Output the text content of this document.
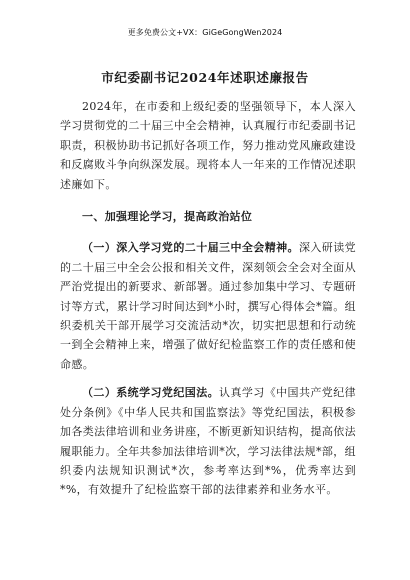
更多免费公文+VX：GiGeGongWen2024
市纪委副书记2024年述职述廉报告

2024年，在市委和上级纪委的坚强领导下，本人深入学习贯彻党的二十届三中全会精神，认真履行市纪委副书记职责，积极协助书记抓好各项工作，努力推动党风廉政建设和反腐败斗争向纵深发展。现将本人一年来的工作情况述职述廉如下。

一、加强理论学习，提高政治站位

（一）深入学习党的二十届三中全会精神。深入研读党的二十届三中全会公报和相关文件，深刻领会全会对全面从严治党提出的新要求、新部署。通过参加集中学习、专题研讨等方式，累计学习时间达到*小时，撰写心得体会*篇。组织委机关干部开展学习交流活动*次，切实把思想和行动统一到全会精神上来，增强了做好纪检监察工作的责任感和使命感。

（二）系统学习党纪国法。认真学习《中国共产党纪律处分条例》《中华人民共和国监察法》等党纪国法，积极参加各类法律培训和业务讲座，不断更新知识结构，提高依法履职能力。全年共参加法律培训*次，学习法律法规*部，组织委内法规知识测试*次，参考率达到*%，优秀率达到*%，有效提升了纪检监察干部的法律素养和业务水平。
